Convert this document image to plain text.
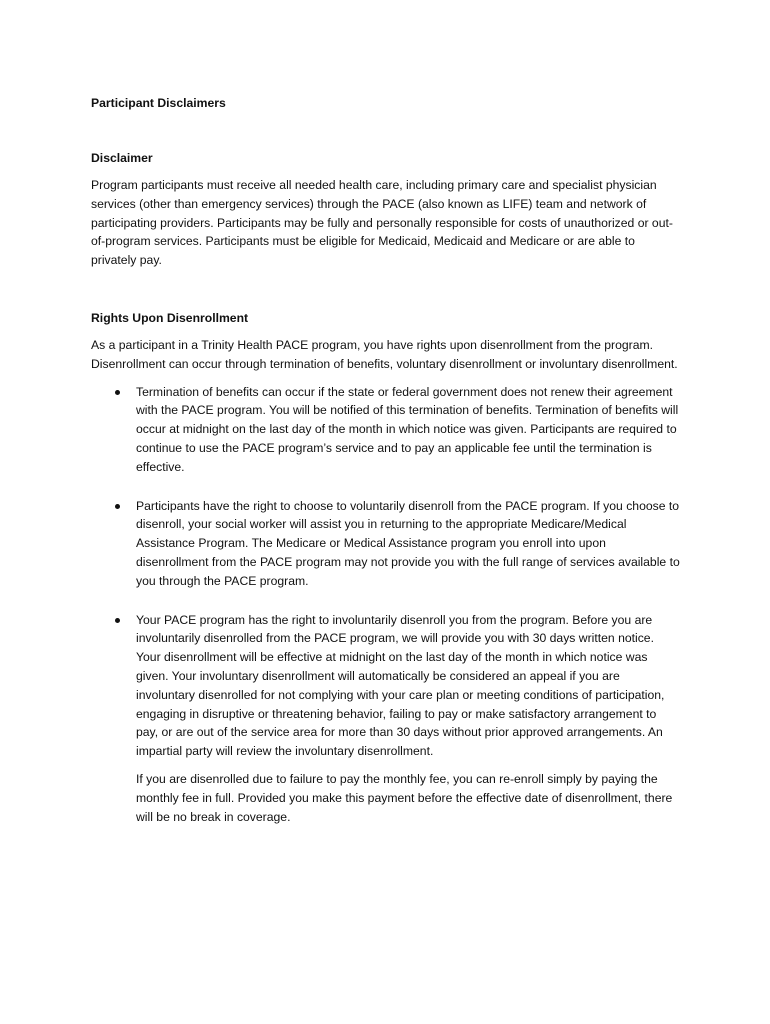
Participant Disclaimers

Disclaimer

Program participants must receive all needed health care, including primary care and specialist physician services (other than emergency services) through the PACE (also known as LIFE) team and network of participating providers. Participants may be fully and personally responsible for costs of unauthorized or out-of-program services. Participants must be eligible for Medicaid, Medicaid and Medicare or are able to privately pay.

Rights Upon Disenrollment

As a participant in a Trinity Health PACE program, you have rights upon disenrollment from the program. Disenrollment can occur through termination of benefits, voluntary disenrollment or involuntary disenrollment.

Termination of benefits can occur if the state or federal government does not renew their agreement with the PACE program. You will be notified of this termination of benefits. Termination of benefits will occur at midnight on the last day of the month in which notice was given. Participants are required to continue to use the PACE program’s service and to pay an applicable fee until the termination is effective.

Participants have the right to choose to voluntarily disenroll from the PACE program. If you choose to disenroll, your social worker will assist you in returning to the appropriate Medicare/Medical Assistance Program. The Medicare or Medical Assistance program you enroll into upon disenrollment from the PACE program may not provide you with the full range of services available to you through the PACE program.

Your PACE program has the right to involuntarily disenroll you from the program. Before you are involuntarily disenrolled from the PACE program, we will provide you with 30 days written notice. Your disenrollment will be effective at midnight on the last day of the month in which notice was given. Your involuntary disenrollment will automatically be considered an appeal if you are involuntary disenrolled for not complying with your care plan or meeting conditions of participation, engaging in disruptive or threatening behavior, failing to pay or make satisfactory arrangement to pay, or are out of the service area for more than 30 days without prior approved arrangements. An impartial party will review the involuntary disenrollment.

If you are disenrolled due to failure to pay the monthly fee, you can re-enroll simply by paying the monthly fee in full. Provided you make this payment before the effective date of disenrollment, there will be no break in coverage.
